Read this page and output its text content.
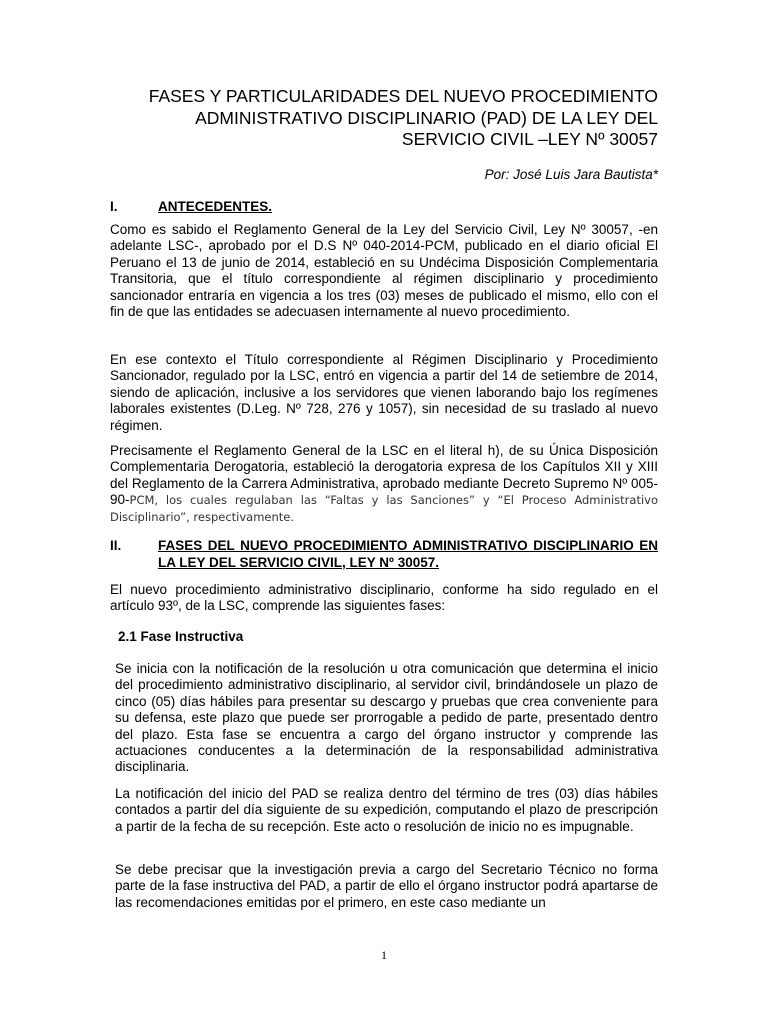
FASES Y PARTICULARIDADES DEL NUEVO PROCEDIMIENTO
ADMINISTRATIVO DISCIPLINARIO (PAD) DE LA LEY DEL
SERVICIO CIVIL –LEY Nº 30057
Por: José Luis Jara Bautista*
I.	ANTECEDENTES.

Como es sabido el Reglamento General de la Ley del Servicio Civil, Ley Nº 30057, -en adelante LSC-, aprobado por el D.S Nº 040-2014-PCM, publicado en el diario oficial El Peruano el 13 de junio de 2014, estableció en su Undécima Disposición Complementaria Transitoria, que el título correspondiente al régimen disciplinario y procedimiento sancionador entraría en vigencia a los tres (03) meses de publicado el mismo, ello con el fin de que las entidades se adecuasen internamente al nuevo procedimiento.

En ese contexto el Título correspondiente al Régimen Disciplinario y Procedimiento Sancionador, regulado por la LSC, entró en vigencia a partir del 14 de setiembre de 2014, siendo de aplicación, inclusive a los servidores que vienen laborando bajo los regímenes laborales existentes (D.Leg. Nº 728, 276 y 1057), sin necesidad de su traslado al nuevo régimen.

Precisamente el Reglamento General de la LSC en el literal h), de su Única Disposición Complementaria Derogatoria, estableció la derogatoria expresa de los Capítulos XII y XIII del Reglamento de la Carrera Administrativa, aprobado mediante Decreto Supremo Nº 005-90-PCM, los cuales regulaban las “Faltas y las Sanciones” y “El Proceso Administrativo Disciplinario”, respectivamente.

II.	FASES DEL NUEVO PROCEDIMIENTO ADMINISTRATIVO DISCIPLINARIO EN LA LEY DEL SERVICIO CIVIL, LEY Nº 30057.

El nuevo procedimiento administrativo disciplinario, conforme ha sido regulado en el artículo 93º, de la LSC, comprende las siguientes fases:

2.1 Fase Instructiva

Se inicia con la notificación de la resolución u otra comunicación que determina el inicio del procedimiento administrativo disciplinario, al servidor civil, brindándosele un plazo de cinco (05) días hábiles para presentar su descargo y pruebas que crea conveniente para su defensa, este plazo que puede ser prorrogable a pedido de parte, presentado dentro del plazo. Esta fase se encuentra a cargo del órgano instructor y comprende las actuaciones conducentes a la determinación de la responsabilidad administrativa disciplinaria.

La notificación del inicio del PAD se realiza dentro del término de tres (03) días hábiles contados a partir del día siguiente de su expedición, computando el plazo de prescripción a partir de la fecha de su recepción. Este acto o resolución de inicio no es impugnable.

Se debe precisar que la investigación previa a cargo del Secretario Técnico no forma parte de la fase instructiva del PAD, a partir de ello el órgano instructor podrá apartarse de las recomendaciones emitidas por el primero, en este caso mediante un

1
